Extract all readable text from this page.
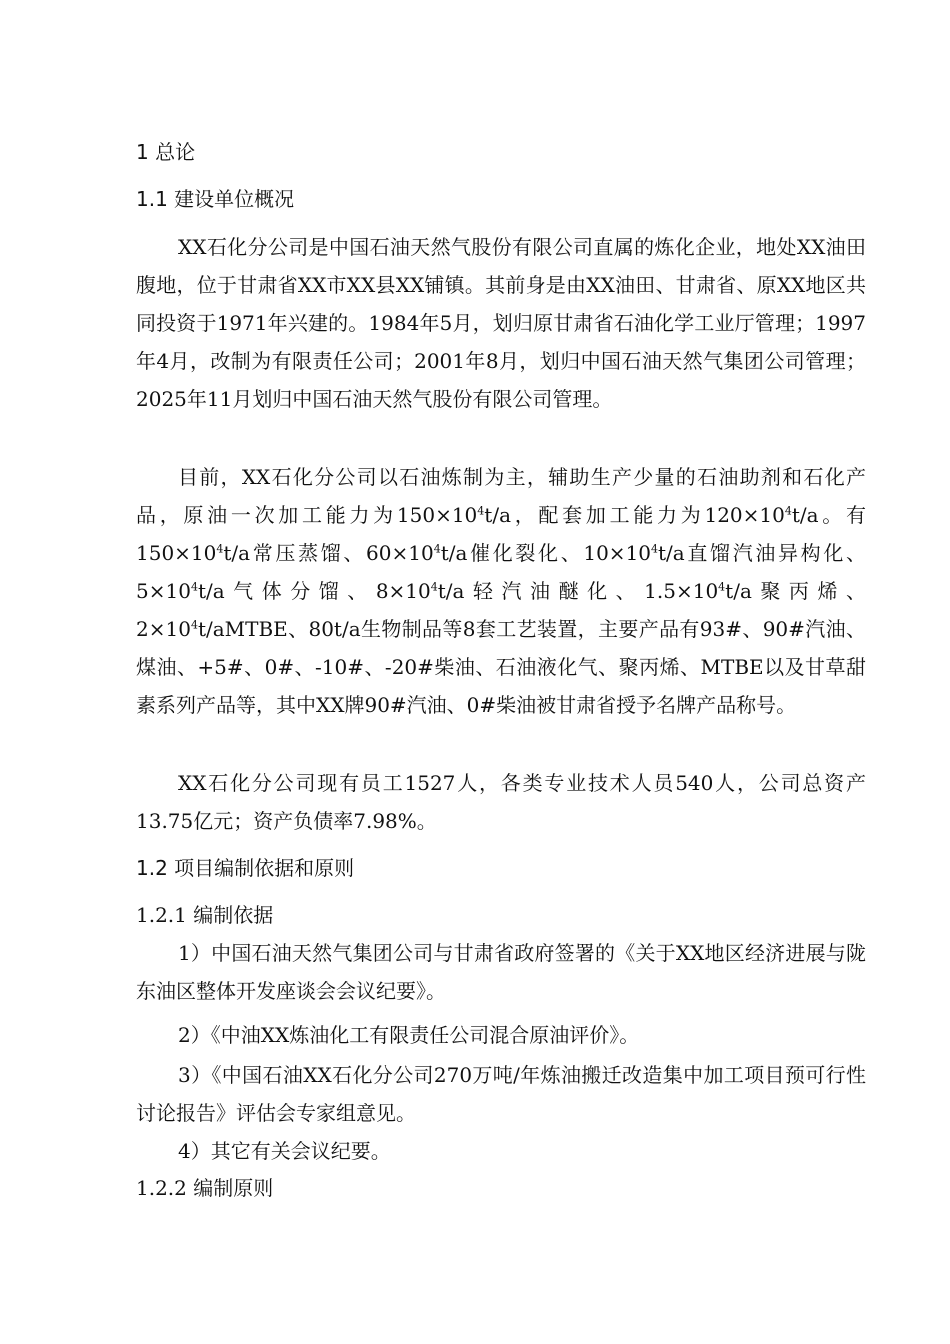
1 总论
1.1 建设单位概况
XX石化分公司是中国石油天然气股份有限公司直属的炼化企业，地处XX油田腹地，位于甘肃省XX市XX县XX铺镇。其前身是由XX油田、甘肃省、原XX地区共同投资于1971年兴建的。1984年5月，划归原甘肃省石油化学工业厅管理；1997年4月，改制为有限责任公司；2001年8月，划归中国石油天然气集团公司管理；2025年11月划归中国石油天然气股份有限公司管理。
目前，XX石化分公司以石油炼制为主，辅助生产少量的石油助剂和石化产品，原油一次加工能力为$150\times 10^4t/a$，配套加工能力为$120\times 10^4t/a$。有$150\times 10^4t/a$常压蒸馏、$60\times 10^4t/a$催化裂化、$10\times 10^4t/a$直馏汽油异构化、$5\times 10^4t/a$气体分馏、$8\times 10^4t/a$轻汽油醚化、$1.5\times 10^4t/a$聚丙烯、$2\times 10^4t$/aMTBE、80t/a生物制品等8套工艺装置，主要产品有93#、90#汽油、煤油、+5#、0#、-10#、-20#柴油、石油液化气、聚丙烯、MTBE以及甘草甜素系列产品等，其中XX牌90#汽油、0#柴油被甘肃省授予名牌产品称号。
XX石化分公司现有员工1527人，各类专业技术人员540人，公司总资产13.75亿元；资产负债率7.98%。
1.2 项目编制依据和原则
1.2.1 编制依据
1）中国石油天然气集团公司与甘肃省政府签署的《关于XX地区经济进展与陇东油区整体开发座谈会会议纪要》。
2）《中油XX炼油化工有限责任公司混合原油评价》。
3）《中国石油XX石化分公司270万吨/年炼油搬迁改造集中加工项目预可行性讨论报告》评估会专家组意见。
4）其它有关会议纪要。
1.2.2 编制原则
